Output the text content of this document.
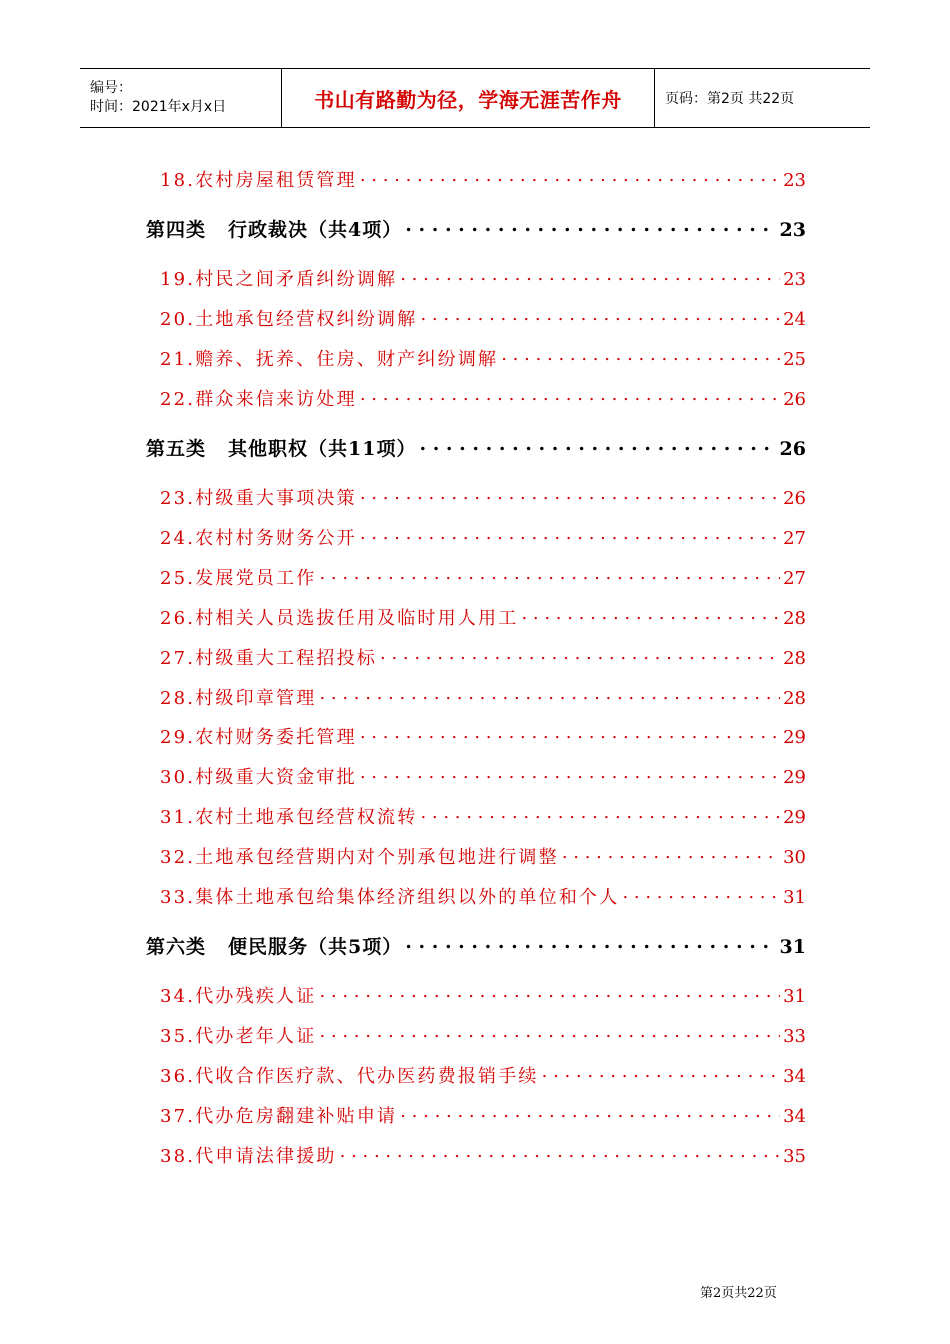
编号：
时间：2021年x月x日	书山有路勤为径，学海无涯苦作舟	页码：第2页 共22页
18.农村房屋租赁管理 . . .	23
第四类 行政裁决（共4项） . . .	23
19.村民之间矛盾纠纷调解 . . .	23
20.土地承包经营权纠纷调解 . . .	24
21.赡养、抚养、住房、财产纠纷调解 . . .	25
22.群众来信来访处理 . . .	26
第五类 其他职权（共11项） . . .	26
23.村级重大事项决策 . . .	26
24.农村村务财务公开 . . .	27
25.发展党员工作 . . .	27
26.村相关人员选拔任用及临时用人用工 . . .	28
27.村级重大工程招投标 . . .	28
28.村级印章管理 . . .	28
29.农村财务委托管理 . . .	29
30.村级重大资金审批 . . .	29
31.农村土地承包经营权流转 . . .	29
32.土地承包经营期内对个别承包地进行调整 . . .	30
33.集体土地承包给集体经济组织以外的单位和个人 . . .	31
第六类 便民服务（共5项） . . .	31
34.代办残疾人证 . . .	31
35.代办老年人证 . . .	33
36.代收合作医疗款、代办医药费报销手续 . . .	34
37.代办危房翻建补贴申请 . . .	34
38.代申请法律援助 . . .	35
第2页共22页
